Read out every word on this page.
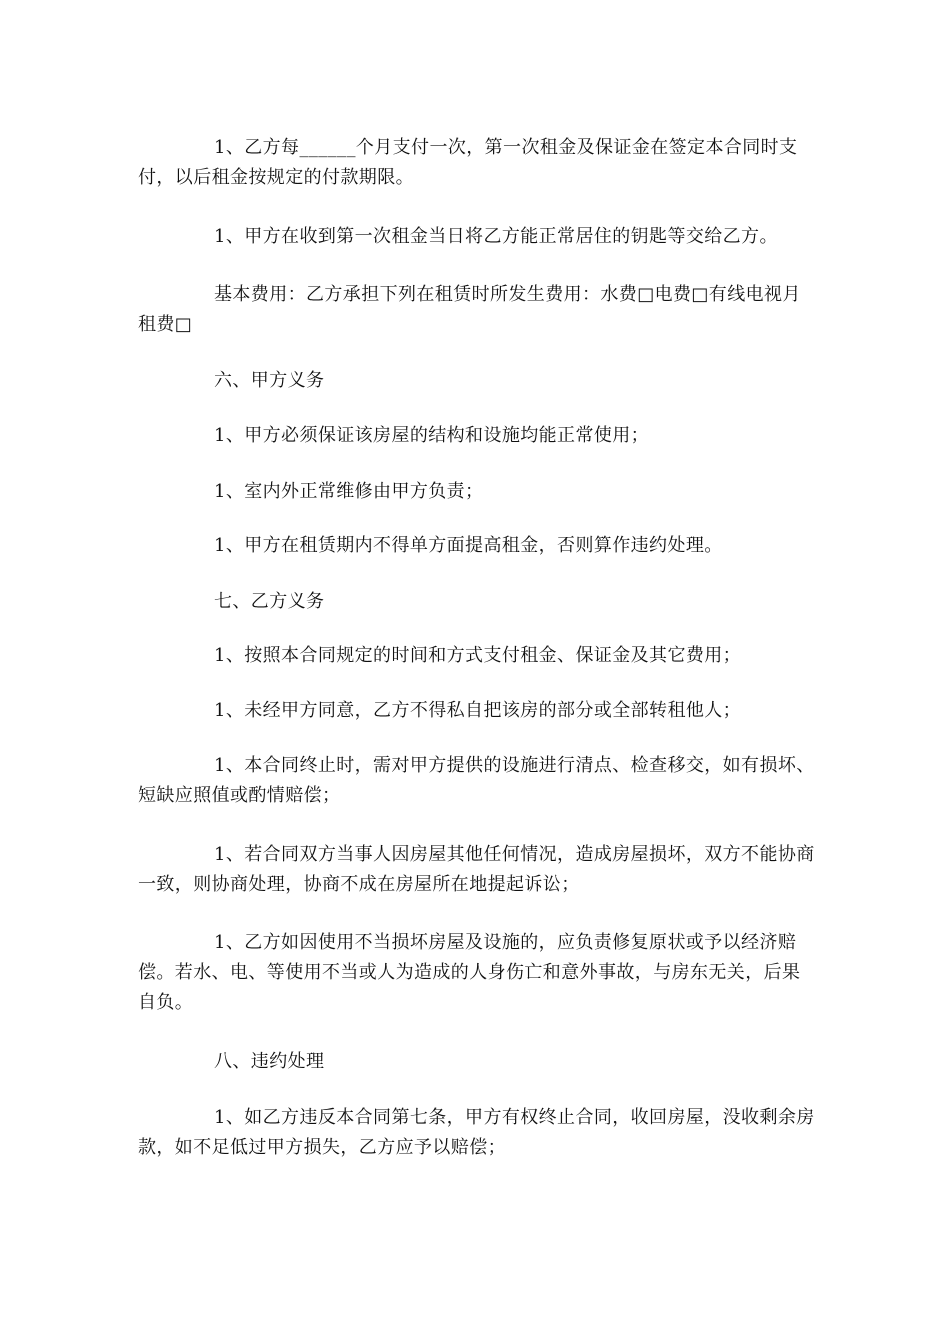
1、乙方每______个月支付一次，第一次租金及保证金在签定本合同时支付，以后租金按规定的付款期限。

1、甲方在收到第一次租金当日将乙方能正常居住的钥匙等交给乙方。

基本费用：乙方承担下列在租赁时所发生费用：水费□电费□有线电视月租费□

六、甲方义务

1、甲方必须保证该房屋的结构和设施均能正常使用；

1、室内外正常维修由甲方负责；

1、甲方在租赁期内不得单方面提高租金，否则算作违约处理。

七、乙方义务

1、按照本合同规定的时间和方式支付租金、保证金及其它费用；

1、未经甲方同意，乙方不得私自把该房的部分或全部转租他人；

1、本合同终止时，需对甲方提供的设施进行清点、检查移交，如有损坏、短缺应照值或酌情赔偿；

1、若合同双方当事人因房屋其他任何情况，造成房屋损坏，双方不能协商一致，则协商处理，协商不成在房屋所在地提起诉讼；

1、乙方如因使用不当损坏房屋及设施的，应负责修复原状或予以经济赔偿。若水、电、等使用不当或人为造成的人身伤亡和意外事故，与房东无关，后果自负。

八、违约处理

1、如乙方违反本合同第七条，甲方有权终止合同，收回房屋，没收剩余房款，如不足低过甲方损失，乙方应予以赔偿；
